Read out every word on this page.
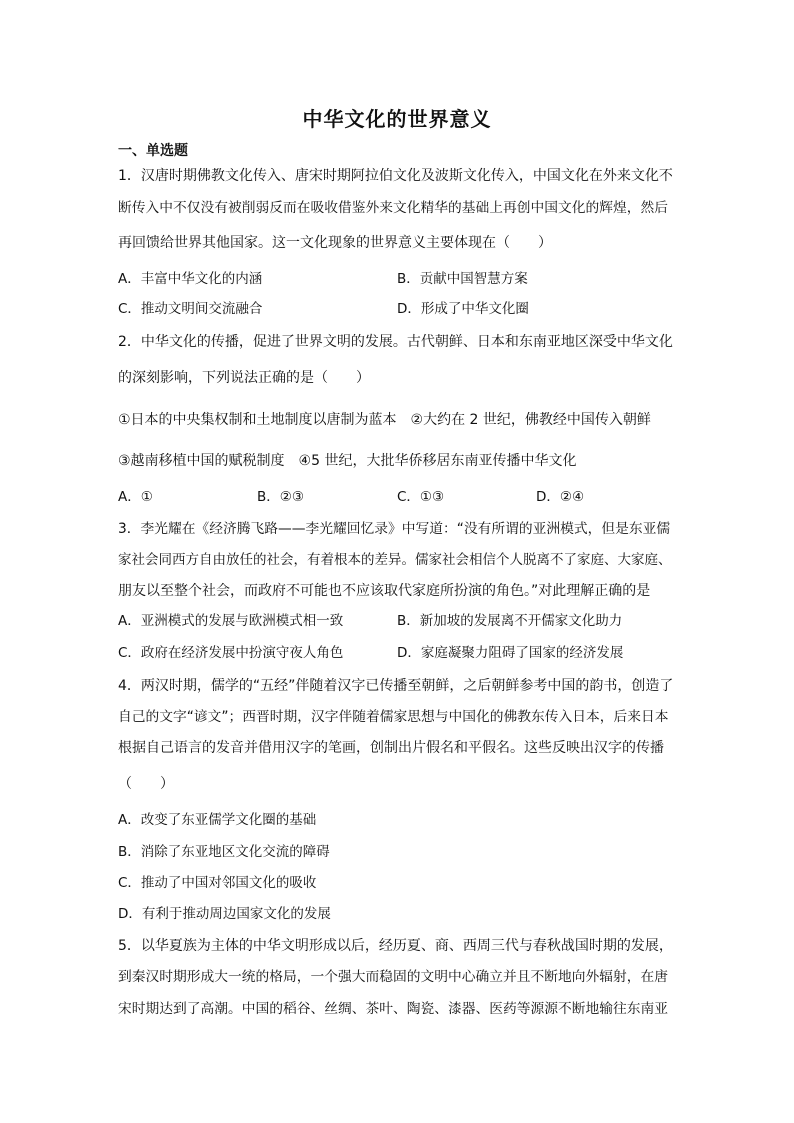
中华文化的世界意义
一、单选题
1．汉唐时期佛教文化传入、唐宋时期阿拉伯文化及波斯文化传入，中国文化在外来文化不
断传入中不仅没有被削弱反而在吸收借鉴外来文化精华的基础上再创中国文化的辉煌，然后
再回馈给世界其他国家。这一文化现象的世界意义主要体现在（　　）
A．丰富中华文化的内涵	B．贡献中国智慧方案
C．推动文明间交流融合	D．形成了中华文化圈
2．中华文化的传播，促进了世界文明的发展。古代朝鲜、日本和东南亚地区深受中华文化
的深刻影响，下列说法正确的是（　　）
①日本的中央集权制和土地制度以唐制为蓝本　②大约在 2 世纪，佛教经中国传入朝鲜
③越南移植中国的赋税制度　④5 世纪，大批华侨移居东南亚传播中华文化
A．①	B．②③	C．①③	D．②④
3．李光耀在《经济腾飞路——李光耀回忆录》中写道：“没有所谓的亚洲模式，但是东亚儒
家社会同西方自由放任的社会，有着根本的差异。儒家社会相信个人脱离不了家庭、大家庭、
朋友以至整个社会，而政府不可能也不应该取代家庭所扮演的角色。”对此理解正确的是
A．亚洲模式的发展与欧洲模式相一致	B．新加坡的发展离不开儒家文化助力
C．政府在经济发展中扮演守夜人角色	D．家庭凝聚力阻碍了国家的经济发展
4．两汉时期，儒学的“五经”伴随着汉字已传播至朝鲜，之后朝鲜参考中国的韵书，创造了
自己的文字“谚文”；西晋时期，汉字伴随着儒家思想与中国化的佛教东传入日本，后来日本
根据自己语言的发音并借用汉字的笔画，创制出片假名和平假名。这些反映出汉字的传播
（　　）
A．改变了东亚儒学文化圈的基础
B．消除了东亚地区文化交流的障碍
C．推动了中国对邻国文化的吸收
D．有利于推动周边国家文化的发展
5．以华夏族为主体的中华文明形成以后，经历夏、商、西周三代与春秋战国时期的发展，
到秦汉时期形成大一统的格局，一个强大而稳固的文明中心确立并且不断地向外辐射，在唐
宋时期达到了高潮。中国的稻谷、丝绸、茶叶、陶瓷、漆器、医药等源源不断地输往东南亚
